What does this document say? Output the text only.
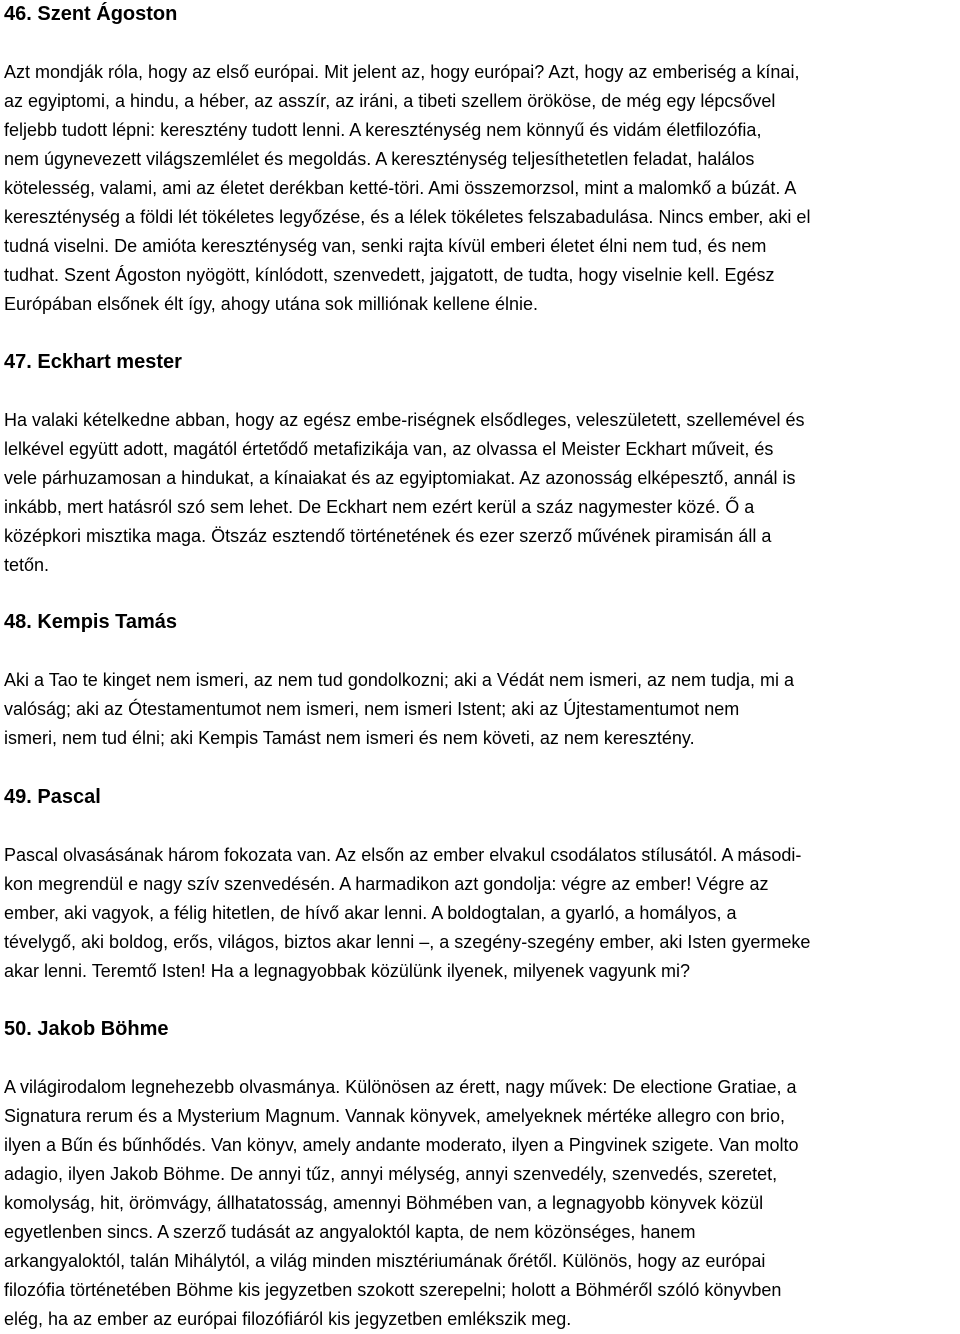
46. Szent Ágoston
Azt mondják róla, hogy az első európai. Mit jelent az, hogy európai? Azt, hogy az emberiség a kínai,
az egyiptomi, a hindu, a héber, az asszír, az iráni, a tibeti szellem örököse, de még egy lépcsővel
feljebb tudott lépni: keresztény tudott lenni. A kereszténység nem könnyű és vidám életfilozófia,
nem úgynevezett világszemlélet és megoldás. A kereszténység teljesíthetetlen feladat, halálos
kötelesség, valami, ami az életet derékban ketté-töri. Ami összemorzsol, mint a malomkő a búzát. A
kereszténység a földi lét tökéletes legyőzése, és a lélek tökéletes felszabadulása. Nincs ember, aki el
tudná viselni. De amióta kereszténység van, senki rajta kívül emberi életet élni nem tud, és nem
tudhat. Szent Ágoston nyögött, kínlódott, szenvedett, jajgatott, de tudta, hogy viselnie kell. Egész
Európában elsőnek élt így, ahogy utána sok milliónak kellene élnie.
47. Eckhart mester
Ha valaki kételkedne abban, hogy az egész embe-riségnek elsődleges, veleszületett, szellemével és
lelkével együtt adott, magától értetődő metafizikája van, az olvassa el Meister Eckhart műveit, és
vele párhuzamosan a hindukat, a kínaiakat és az egyiptomiakat. Az azonosság elképesztő, annál is
inkább, mert hatásról szó sem lehet. De Eckhart nem ezért kerül a száz nagymester közé. Ő a
középkori misztika maga. Ötszáz esztendő történetének és ezer szerző művének piramisán áll a
tetőn.
48. Kempis Tamás
Aki a Tao te kinget nem ismeri, az nem tud gondolkozni; aki a Védát nem ismeri, az nem tudja, mi a
valóság; aki az Ótestamentumot nem ismeri, nem ismeri Istent; aki az Újtestamentumot nem
ismeri, nem tud élni; aki Kempis Tamást nem ismeri és nem követi, az nem keresztény.
49. Pascal
Pascal olvasásának három fokozata van. Az elsőn az ember elvakul csodálatos stílusától. A másodi-
kon megrendül e nagy szív szenvedésén. A harmadikon azt gondolja: végre az ember! Végre az
ember, aki vagyok, a félig hitetlen, de hívő akar lenni. A boldogtalan, a gyarló, a homályos, a
tévelygő, aki boldog, erős, világos, biztos akar lenni –, a szegény-szegény ember, aki Isten gyermeke
akar lenni. Teremtő Isten! Ha a legnagyobbak közülünk ilyenek, milyenek vagyunk mi?
50. Jakob Böhme
A világirodalom legnehezebb olvasmánya. Különösen az érett, nagy művek: De electione Gratiae, a
Signatura rerum és a Mysterium Magnum. Vannak könyvek, amelyeknek mértéke allegro con brio,
ilyen a Bűn és bűnhődés. Van könyv, amely andante moderato, ilyen a Pingvinek szigete. Van molto
adagio, ilyen Jakob Böhme. De annyi tűz, annyi mélység, annyi szenvedély, szenvedés, szeretet,
komolyság, hit, örömvágy, állhatatosság, amennyi Böhmében van, a legnagyobb könyvek közül
egyetlenben sincs. A szerző tudását az angyaloktól kapta, de nem közönséges, hanem
arkangyaloktól, talán Mihálytól, a világ minden misztériumának őrétől. Különös, hogy az európai
filozófia történetében Böhme kis jegyzetben szokott szerepelni; holott a Böhméről szóló könyvben
elég, ha az ember az európai filozófiáról kis jegyzetben emlékszik meg.
